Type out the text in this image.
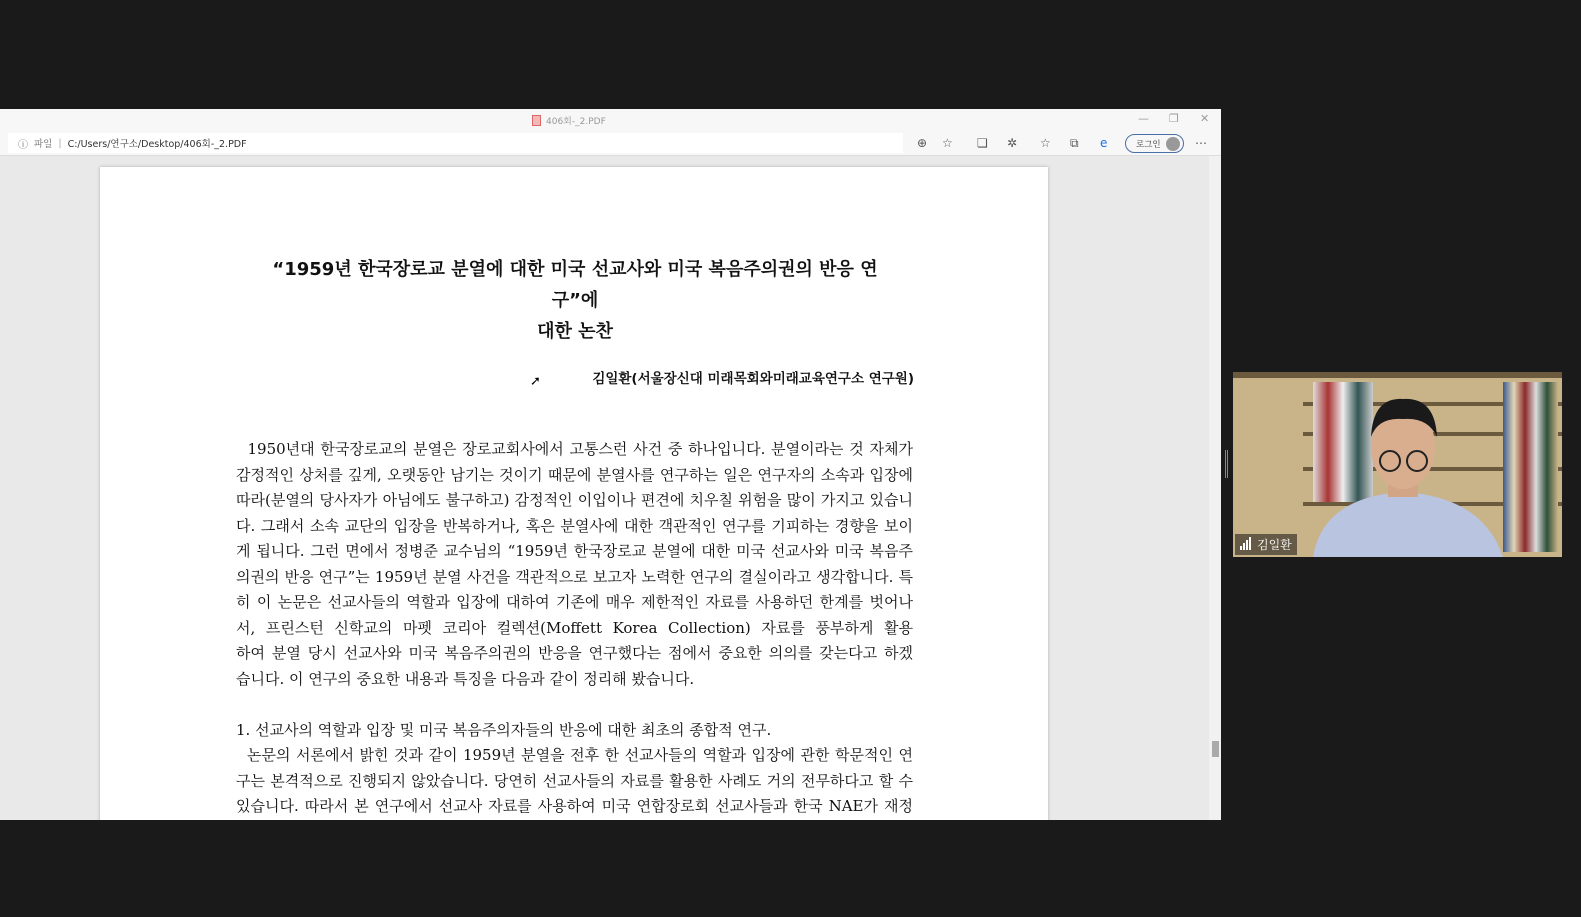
406회-_2.PDF	— ❐ ✕
ⓘ 파일 | C:/Users/연구소/Desktop/406회-_2.PDF	⊕ ☆ ❏ ✲ ☆ ⧉ e	로그인	⋯
“1959년 한국장로교 분열에 대한 미국 선교사와 미국 복음주의권의 반응 연구”에
대한 논찬
김일환(서울장신대 미래목회와미래교육연구소 연구원)
1950년대 한국장로교의 분열은 장로교회사에서 고통스런 사건 중 하나입니다. 분열이라는 것 자체가
감정적인 상처를 깊게, 오랫동안 남기는 것이기 때문에 분열사를 연구하는 일은 연구자의 소속과 입장에
따라(분열의 당사자가 아님에도 불구하고) 감정적인 이입이나 편견에 치우칠 위험을 많이 가지고 있습니
다. 그래서 소속 교단의 입장을 반복하거나, 혹은 분열사에 대한 객관적인 연구를 기피하는 경향을 보이
게 됩니다. 그런 면에서 정병준 교수님의 “1959년 한국장로교 분열에 대한 미국 선교사와 미국 복음주
의권의 반응 연구”는 1959년 분열 사건을 객관적으로 보고자 노력한 연구의 결실이라고 생각합니다. 특
히 이 논문은 선교사들의 역할과 입장에 대하여 기존에 매우 제한적인 자료를 사용하던 한계를 벗어나
서, 프린스턴 신학교의 마펫 코리아 컬렉션(Moffett Korea Collection) 자료를 풍부하게 활용
하여 분열 당시 선교사와 미국 복음주의권의 반응을 연구했다는 점에서 중요한 의의를 갖는다고 하겠
습니다. 이 연구의 중요한 내용과 특징을 다음과 같이 정리해 봤습니다.
1. 선교사의 역할과 입장 및 미국 복음주의자들의 반응에 대한 최초의 종합적 연구.
논문의 서론에서 밝힌 것과 같이 1959년 분열을 전후 한 선교사들의 역할과 입장에 관한 학문적인 연
구는 본격적으로 진행되지 않았습니다. 당연히 선교사들의 자료를 활용한 사례도 거의 전무하다고 할 수
있습니다. 따라서 본 연구에서 선교사 자료를 사용하여 미국 연합장로회 선교사들과 한국 NAE가 재정
➚
김일환
